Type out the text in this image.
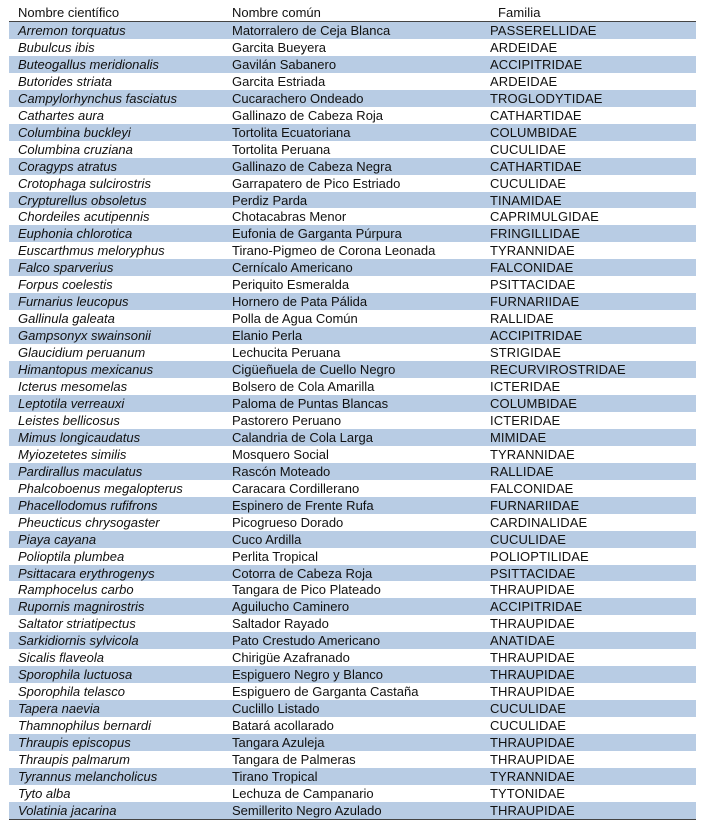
Nombre científico	Nombre común	Familia
Arremon torquatus	Matorralero de Ceja Blanca	PASSERELLIDAE
Bubulcus ibis	Garcita Bueyera	ARDEIDAE
Buteogallus meridionalis	Gavilán Sabanero	ACCIPITRIDAE
Butorides striata	Garcita Estriada	ARDEIDAE
Campylorhynchus fasciatus	Cucarachero Ondeado	TROGLODYTIDAE
Cathartes aura	Gallinazo de Cabeza Roja	CATHARTIDAE
Columbina buckleyi	Tortolita Ecuatoriana	COLUMBIDAE
Columbina cruziana	Tortolita Peruana	CUCULIDAE
Coragyps atratus	Gallinazo de Cabeza Negra	CATHARTIDAE
Crotophaga sulcirostris	Garrapatero de Pico Estriado	CUCULIDAE
Crypturellus obsoletus	Perdiz Parda	TINAMIDAE
Chordeiles acutipennis	Chotacabras Menor	CAPRIMULGIDAE
Euphonia chlorotica	Eufonia de Garganta Púrpura	FRINGILLIDAE
Euscarthmus meloryphus	Tirano-Pigmeo de Corona Leonada	TYRANNIDAE
Falco sparverius	Cernícalo Americano	FALCONIDAE
Forpus coelestis	Periquito Esmeralda	PSITTACIDAE
Furnarius leucopus	Hornero de Pata Pálida	FURNARIIDAE
Gallinula galeata	Polla de Agua Común	RALLIDAE
Gampsonyx swainsonii	Elanio Perla	ACCIPITRIDAE
Glaucidium peruanum	Lechucita Peruana	STRIGIDAE
Himantopus mexicanus	Cigüeñuela de Cuello Negro	RECURVIROSTRIDAE
Icterus mesomelas	Bolsero de Cola Amarilla	ICTERIDAE
Leptotila verreauxi	Paloma de Puntas Blancas	COLUMBIDAE
Leistes bellicosus	Pastorero Peruano	ICTERIDAE
Mimus longicaudatus	Calandria de Cola Larga	MIMIDAE
Myiozetetes similis	Mosquero Social	TYRANNIDAE
Pardirallus maculatus	Rascón Moteado	RALLIDAE
Phalcoboenus megalopterus	Caracara Cordillerano	FALCONIDAE
Phacellodomus rufifrons	Espinero de Frente Rufa	FURNARIIDAE
Pheucticus chrysogaster	Picogrueso Dorado	CARDINALIDAE
Piaya cayana	Cuco Ardilla	CUCULIDAE
Polioptila plumbea	Perlita Tropical	POLIOPTILIDAE
Psittacara erythrogenys	Cotorra de Cabeza Roja	PSITTACIDAE
Ramphocelus carbo	Tangara de Pico Plateado	THRAUPIDAE
Rupornis magnirostris	Aguilucho Caminero	ACCIPITRIDAE
Saltator striatipectus	Saltador Rayado	THRAUPIDAE
Sarkidiornis sylvicola	Pato Crestudo Americano	ANATIDAE
Sicalis flaveola	Chirigüe Azafranado	THRAUPIDAE
Sporophila luctuosa	Espiguero Negro y Blanco	THRAUPIDAE
Sporophila telasco	Espiguero de Garganta Castaña	THRAUPIDAE
Tapera naevia	Cuclillo Listado	CUCULIDAE
Thamnophilus bernardi	Batará acollarado	CUCULIDAE
Thraupis episcopus	Tangara Azuleja	THRAUPIDAE
Thraupis palmarum	Tangara de Palmeras	THRAUPIDAE
Tyrannus melancholicus	Tirano Tropical	TYRANNIDAE
Tyto alba	Lechuza de Campanario	TYTONIDAE
Volatinia jacarina	Semillerito Negro Azulado	THRAUPIDAE
